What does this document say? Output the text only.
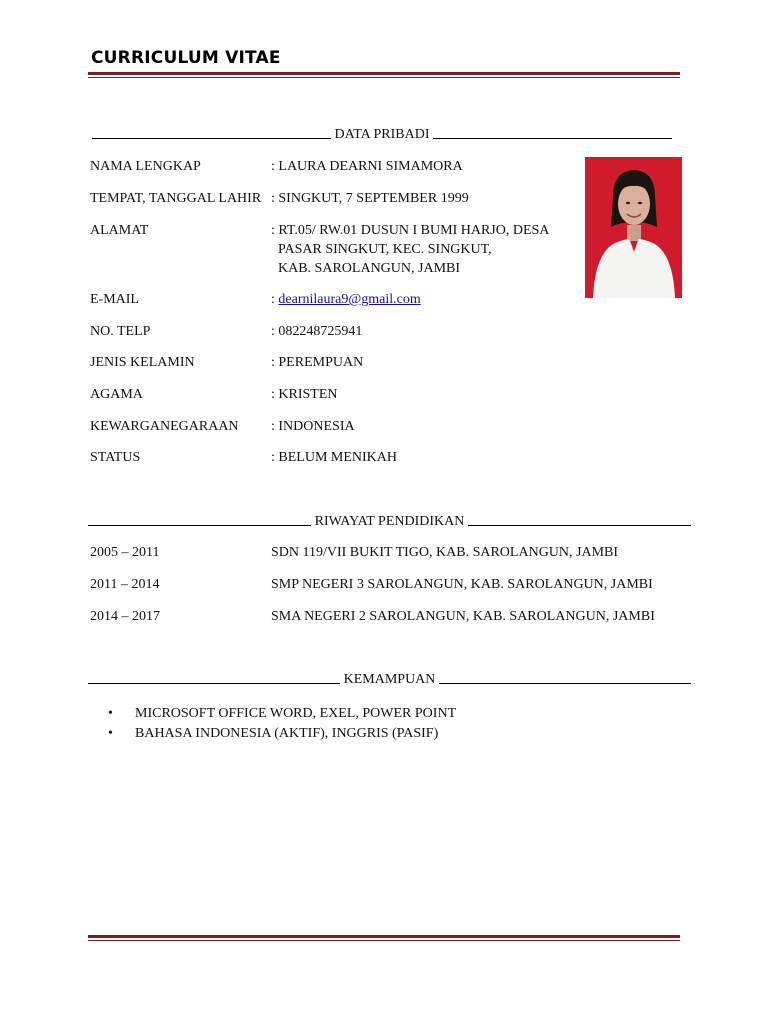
CURRICULUM VITAE
DATA PRIBADI
NAMA LENGKAP	: LAURA DEARNI SIMAMORA
TEMPAT, TANGGAL LAHIR : SINGKUT, 7 SEPTEMBER 1999
ALAMAT	: RT.05/ RW.01 DUSUN I BUMI HARJO, DESA
PASAR SINGKUT, KEC. SINGKUT,
KAB. SAROLANGUN, JAMBI
E-MAIL	: dearnilaura9@gmail.com
NO. TELP	: 082248725941
JENIS KELAMIN	: PEREMPUAN
AGAMA	: KRISTEN
KEWARGANEGARAAN	: INDONESIA
STATUS	: BELUM MENIKAH
RIWAYAT PENDIDIKAN
2005 – 2011	SDN 119/VII BUKIT TIGO, KAB. SAROLANGUN, JAMBI
2011 – 2014	SMP NEGERI 3 SAROLANGUN, KAB. SAROLANGUN, JAMBI
2014 – 2017	SMA NEGERI 2 SAROLANGUN, KAB. SAROLANGUN, JAMBI
KEMAMPUAN
•	MICROSOFT OFFICE WORD, EXEL, POWER POINT
•	BAHASA INDONESIA (AKTIF), INGGRIS (PASIF)
